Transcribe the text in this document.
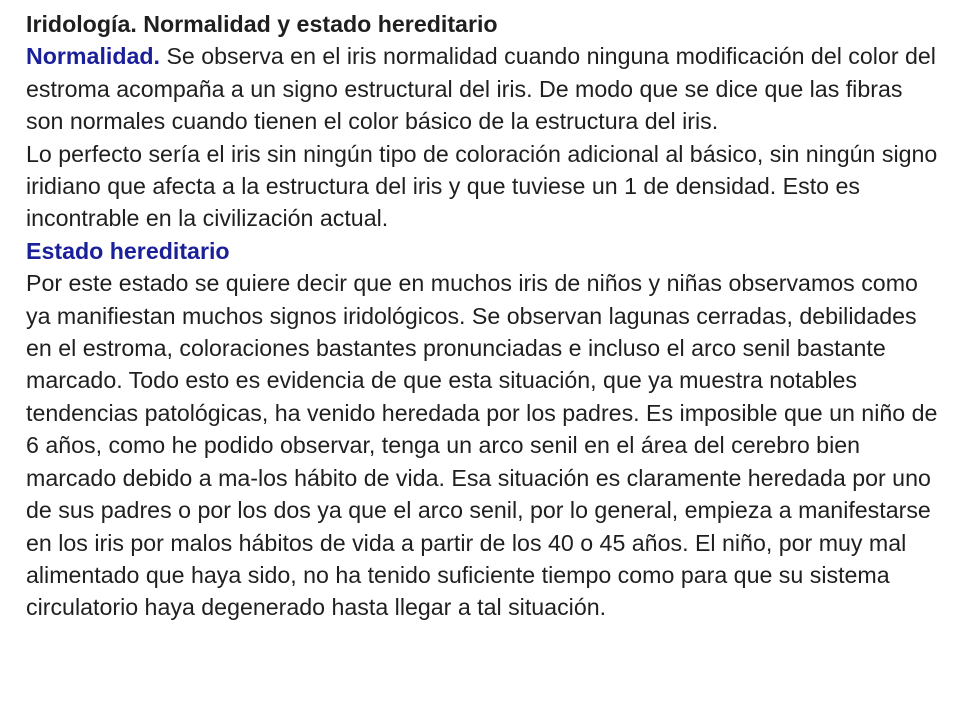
Iridología. Normalidad y estado hereditario

Normalidad. Se observa en el iris normalidad cuando ninguna modificación del color del estroma acompaña a un signo estructural del iris. De modo que se dice que las fibras son normales cuando tienen el color básico de la estructura del iris.

Lo perfecto sería el iris sin ningún tipo de coloración adicional al básico, sin ningún signo iridiano que afecta a la estructura del iris y que tuviese un 1 de densidad. Esto es incontrable en la civilización actual.

Estado hereditario

Por este estado se quiere decir que en muchos iris de niños y niñas observamos como ya manifiestan muchos signos iridológicos. Se observan lagunas cerradas, debilidades en el estroma, coloraciones bastantes pronunciadas e incluso el arco senil bastante marcado. Todo esto es evidencia de que esta situación, que ya muestra notables tendencias patológicas, ha venido heredada por los padres. Es imposible que un niño de 6 años, como he podido observar, tenga un arco senil en el área del cerebro bien marcado debido a ma-los hábito de vida. Esa situación es claramente heredada por uno de sus padres o por los dos ya que el arco senil, por lo general, empieza a manifestarse en los iris por malos hábitos de vida a partir de los 40 o 45 años. El niño, por muy mal alimentado que haya sido, no ha tenido suficiente tiempo como para que su sistema circulatorio haya degenerado hasta llegar a tal situación.
